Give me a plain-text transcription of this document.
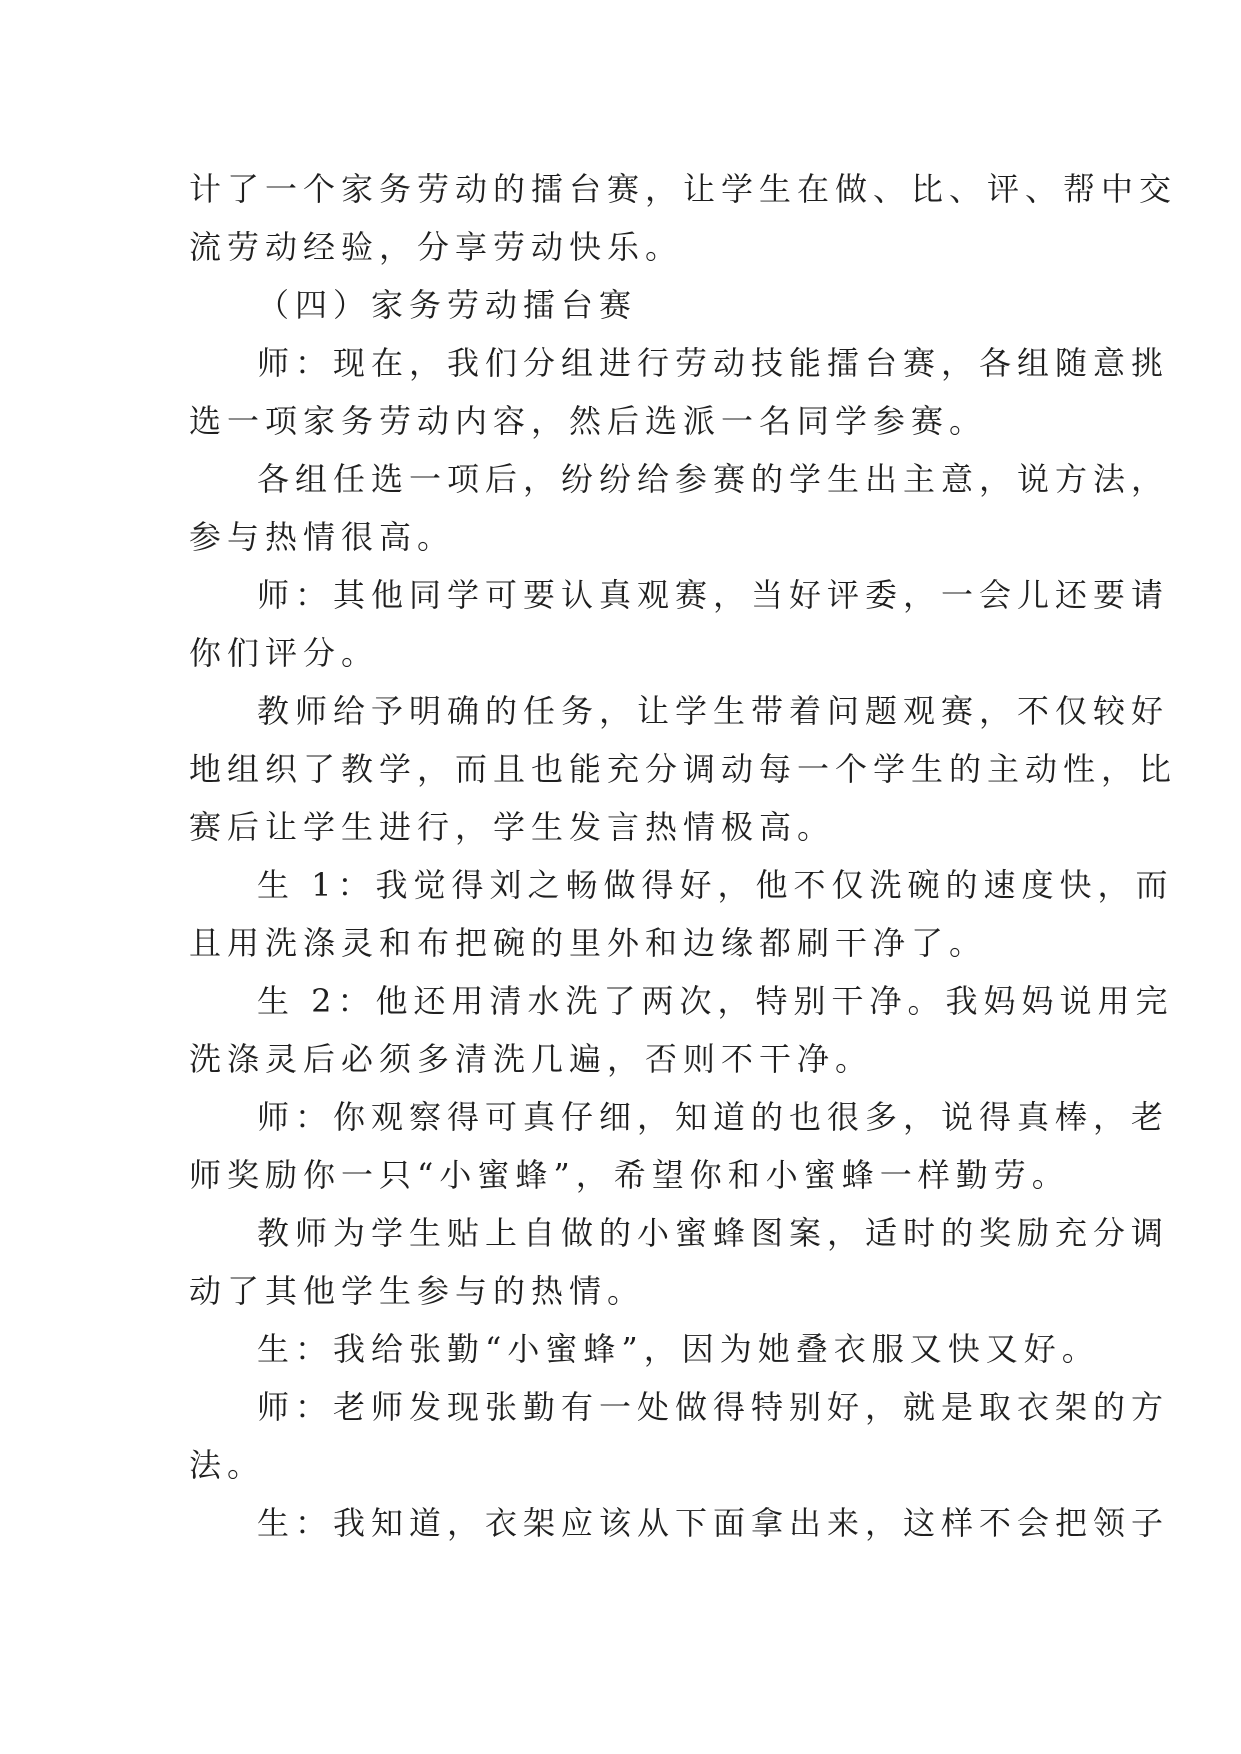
计了一个家务劳动的擂台赛，让学生在做、比、评、帮中交
流劳动经验，分享劳动快乐。
（四）家务劳动擂台赛
师：现在，我们分组进行劳动技能擂台赛，各组随意挑
选一项家务劳动内容，然后选派一名同学参赛。
各组任选一项后，纷纷给参赛的学生出主意，说方法，
参与热情很高。
师：其他同学可要认真观赛，当好评委，一会儿还要请
你们评分。
教师给予明确的任务，让学生带着问题观赛，不仅较好
地组织了教学，而且也能充分调动每一个学生的主动性，比
赛后让学生进行，学生发言热情极高。
生 1：我觉得刘之畅做得好，他不仅洗碗的速度快，而
且用洗涤灵和布把碗的里外和边缘都刷干净了。
生 2：他还用清水洗了两次，特别干净。我妈妈说用完
洗涤灵后必须多清洗几遍，否则不干净。
师：你观察得可真仔细，知道的也很多，说得真棒，老
师奖励你一只“小蜜蜂”，希望你和小蜜蜂一样勤劳。
教师为学生贴上自做的小蜜蜂图案，适时的奖励充分调
动了其他学生参与的热情。
生：我给张勤“小蜜蜂”，因为她叠衣服又快又好。
师：老师发现张勤有一处做得特别好，就是取衣架的方
法。
生：我知道，衣架应该从下面拿出来，这样不会把领子
